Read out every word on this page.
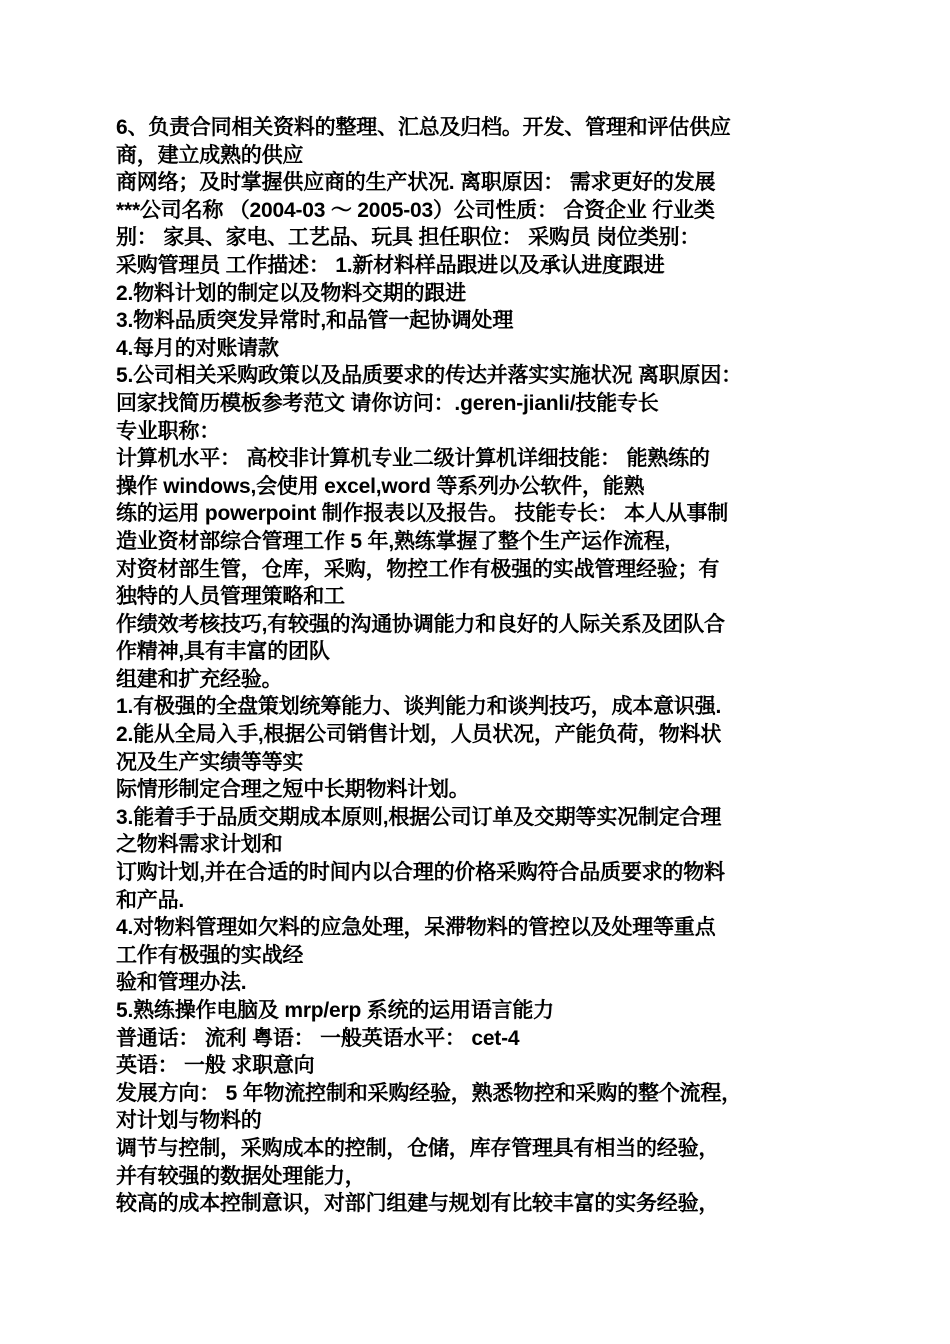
6、负责合同相关资料的整理、汇总及归档。开发、管理和评估供应
商，建立成熟的供应
商网络；及时掌握供应商的生产状况. 离职原因： 需求更好的发展
***公司名称 （2004-03 ～ 2005-03）公司性质： 合资企业 行业类
别： 家具、家电、工艺品、玩具 担任职位： 采购员 岗位类别：
采购管理员 工作描述： 1.新材料样品跟进以及承认进度跟进
2.物料计划的制定以及物料交期的跟进
3.物料品质突发异常时,和品管一起协调处理
4.每月的对账请款
5.公司相关采购政策以及品质要求的传达并落实实施状况 离职原因：
回家找简历模板参考范文 请你访问：.geren-jianli/技能专长
专业职称：
计算机水平： 高校非计算机专业二级计算机详细技能： 能熟练的
操作 windows,会使用 excel,word 等系列办公软件，能熟
练的运用 powerpoint 制作报表以及报告。 技能专长： 本人从事制
造业资材部综合管理工作 5 年,熟练掌握了整个生产运作流程,
对资材部生管，仓库，采购，物控工作有极强的实战管理经验；有
独特的人员管理策略和工
作绩效考核技巧,有较强的沟通协调能力和良好的人际关系及团队合
作精神,具有丰富的团队
组建和扩充经验。
1.有极强的全盘策划统筹能力、谈判能力和谈判技巧，成本意识强.
2.能从全局入手,根据公司销售计划，人员状况，产能负荷，物料状
况及生产实绩等等实
际情形制定合理之短中长期物料计划。
3.能着手于品质交期成本原则,根据公司订单及交期等实况制定合理
之物料需求计划和
订购计划,并在合适的时间内以合理的价格采购符合品质要求的物料
和产品.
4.对物料管理如欠料的应急处理，呆滞物料的管控以及处理等重点
工作有极强的实战经
验和管理办法.
5.熟练操作电脑及 mrp/erp 系统的运用语言能力
普通话： 流利 粤语： 一般英语水平： cet-4
英语： 一般 求职意向
发展方向： 5 年物流控制和采购经验，熟悉物控和采购的整个流程，
对计划与物料的
调节与控制，采购成本的控制，仓储，库存管理具有相当的经验，
并有较强的数据处理能力，
较高的成本控制意识，对部门组建与规划有比较丰富的实务经验，
